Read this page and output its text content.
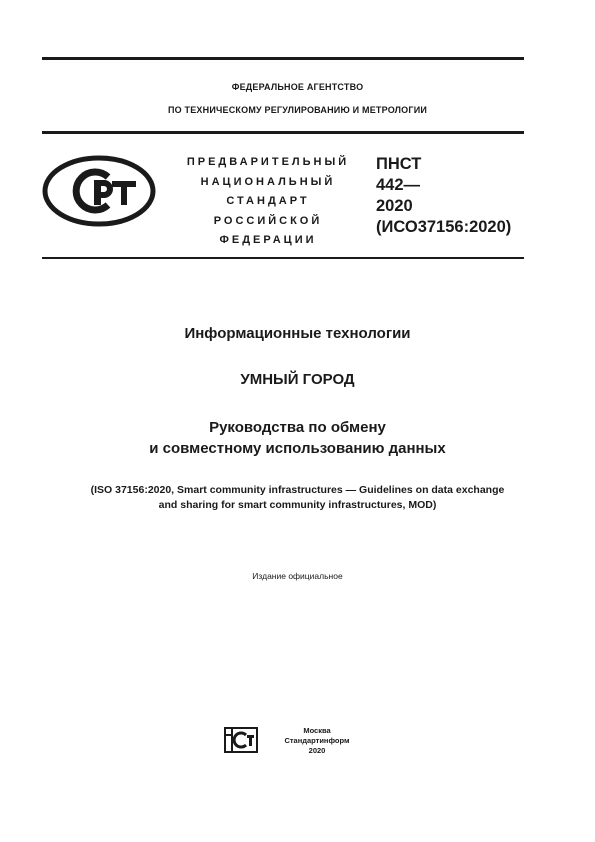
ФЕДЕРАЛЬНОЕ АГЕНТСТВО
ПО ТЕХНИЧЕСКОМУ РЕГУЛИРОВАНИЮ И МЕТРОЛОГИИ
ПРЕДВАРИТЕЛЬНЫЙ
НАЦИОНАЛЬНЫЙ
СТАНДАРТ
РОССИЙСКОЙ
ФЕДЕРАЦИИ
ПНСТ
442—
2020
(ИСО37156:2020)
Информационные технологии
УМНЫЙ ГОРОД
Руководства по обмену
и совместному использованию данных
(ISO 37156:2020, Smart community infrastructures — Guidelines on data exchange
and sharing for smart community infrastructures, MOD)
Издание официальное
Москва
Стандартинформ
2020
